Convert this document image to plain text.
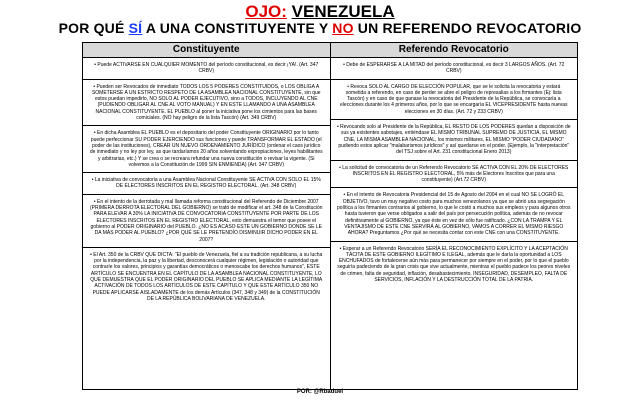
OJO: VENEZUELA
POR QUÉ SÍ A UNA CONSTITUYENTE Y NO UN REFERENDO REVOCATORIO
Constituyente	Referendo Revocatorio
• Puede ACTIVARSE EN CUALQUIER MOMENTO del período constitucional, es decir ¡YA!. (Art. 347 CRBV)
• Pueden ser Revocados de inmediato TODOS LOS 5 PODERES CONSTITUIDOS, o LOS OBLIGA A SOMETERSE A UN ESTRICTO RESPETO DE LA ASAMBLEA NACIONAL CONSTITUYENTE, sin que estos puedan impedirlo, NO SOLO AL PODER EJECUTIVO, sino a TODOS, INCLUYENDO AL CNE (PUDIENDO OBLIGAR AL CNE AL VOTO MANUAL) Y EN ESTE LLAMANDO A UNA ASAMBLEA NACIONAL CONSTITUYENTE. EL PUEBLO al poner la iniciativa pone los cimientos para las bases comiciales. (NO hay peligro de la lista Tascón) (Art. 349 CRBV)
• En dicha Asamblea EL PUEBLO es el depositario del poder Constituyente ORIGINARIO por lo tanto puede perfeccionar SU PODER EJERCIENDO sus funciones y puede TRANSFORMAR EL ESTADO (el poder de las instituciones), CREAR UN NUEVO ORDENAMIENTO JURÍDICO (ordenar el caos jurídico de inmediato y no ley por ley, as que tardaríamos 20 años solventando expropiaciones, leyes habilitantes y arbitrarias, etc.) Y se crea o se recreara refundar una nueva constitución o revisar la vigente. (Si volvemos a la Constitución de 1999 SIN ENMIENDA) (Art. 347 CRBV)
• La iniciativa de convocatoria a una Asamblea Nacional Constituyente SE ACTIVA CON SOLO EL 15% DE ELECTORES INSCRITOS EN EL REGISTRO ELECTORAL. (Art. 348 CRBV)
• En el intento de la derrotada y mal llamada reforma constitucional del Referendo de Diciembre 2007 (PRIMERA DERROTA ELECTORAL DEL GOBIERNO) se trató de modificar el art. 348 de la Constitución PARA ELEVAR A 30% LA INICIATIVA DE CONVOCATORIA CONSTITUYENTE POR PARTE DE LOS ELECTORES INSCRITOS EN EL REGISTRO ELECTORAL, esto demuestra el temor que posee el gobierno al PODER ORIGINARIO del PUEBLO. ¿NO ES ACASO ESTE UN GOBIERNO DONDE SE LE DA MÁS PODER AL PUEBLO? ¿POR QUÉ SE LE PRETENDÍO DISMINUIR DICHO PODER EN EL 2007?
• El Art. 350 de la CRBV QUE DICTA: "El pueblo de Venezuela, fiel a su tradición republicana, a su lucha por la independencia, la paz y la libertad, desconocerá cualquier régimen, legislación o autoridad que contraríe los valores, principios y garantías democráticos o menoscabe los derechos humanos", ESTE ARTÍCULO SE ENCUENTRA EN EL CAPÍTULO DE LA ASAMBLEA NACIONAL CONSTITUYENTE, LO QUE DEMUESTRA QUE EL PODER ORIGINARIO DEL PUEBLO SE APLICA MEDIANTE LA LEGÍTIMA ACTIVACIÓN DE TODOS LOS ARTÍCULOS DE ESTE CAPÍTULO Y QUE ESTE ARTÍCULO 350 NO PUEDE APLICARSE AISLADAMENTE de los demás Artículos (347, 348 y 349) de la CONSTITUCIÓN DE LA REPÚBLICA BOLIVARIANA DE VENEZUELA.
• Debe de ESPERARSE A LA MITAD del período constitucional, es decir 3 LARGOS AÑOS. (Art. 72 CRBV)
• Revoca SOLO AL CARGO DE ELECCIÓN POPULAR, que se le solicita la revocatoria y estará sometida a referendo, en caso de perder se abre el peligro de represalias a los firmantes (Ej: lista Tascón) y en caso de que ganase la revocatoria del Presidente de la República, se convocaría a elecciones durante los 4 primeros años, por lo que se encargaría EL VICEPRESIDENTE hasta nuevas elecciones en 30 días. (Art. 72 y 233 CRBV)
• Revocando solo al Presidente de la República, EL RESTO DE LOS PODERES quedan a disposición de sus ya existentes sabotajes, entiéndase EL MISMO TRIBUNAL SUPREMO DE JUSTICIA, EL MISMO CNE, LA MISMA ASAMBLEA NACIONAL, los mismos militares, EL MISMO "PODER CIUDADANO" pudiendo estos aplicar "malabarismos jurídicos" y así quedarse en el poder. (Ejemplo, la "interpretación" del TSJ sobre el Art. 231 constitucional Enero 2013)
• La solicitud de convocatoria de un Referendo Revocatorio SE ACTIVA CON EL 20% DE ELECTORES INSCRITOS EN EL REGISTRO ELECTORAL, 5% más de Electores Inscritos que para una constituyente) (Art.72 CRBV)
• En el intento de Revocatoria Presidencial del 15 de Agosto del 2004 en el cual NO SE LOGRÓ EL OBJETIVO, tuvo un muy negativo costo para muchos venezolanos ya que se abrió una segregación política a los firmantes contrarios al gobierno, lo que le costó a muchos sus empleos y para algunos otros hasta tuvieron que verse obligados a salir del país por persecución política, además de no revocar definitivamente al GOBIERNO, ya que éste en vez de sólo fue ratificado. ¿CON LA TRAMPA Y EL VENTAJISMO DE ESTE CNE SERVIRÁ AL GOBIERNO, VAMOS A CORRER EL MISMO RIESGO AHORA? Preguntamos ¿Por qué se necesita contar con este CNE con una CONSTITUYENTE.
• Esperar a un Referendo Revocatorio SERÍA EL RECONOCIMIENTO EXPLÍCITO Y LA ACEPTACIÓN TÁCITA DE ESTE GOBIERNO ILEGÍTIMO E ILEGAL, además que le daría la oportunidad a LOS ENCHUFADOS de fortalecerse aún más para permanecer por siempre en el poder, por lo que el pueblo seguiría padeciendo de la gran crisis que vive actualmente, mientras el pueblo padece los peores niveles de crimen, falta de seguridad, inflación, desabastecimiento. INSEGURIDAD, DESEMPLEO, FALTA DE SERVICIOS, INFLACIÓN Y LA DESTRUCCIÓN TOTAL DE LA PATRIA.
POR: @Rbaduel
